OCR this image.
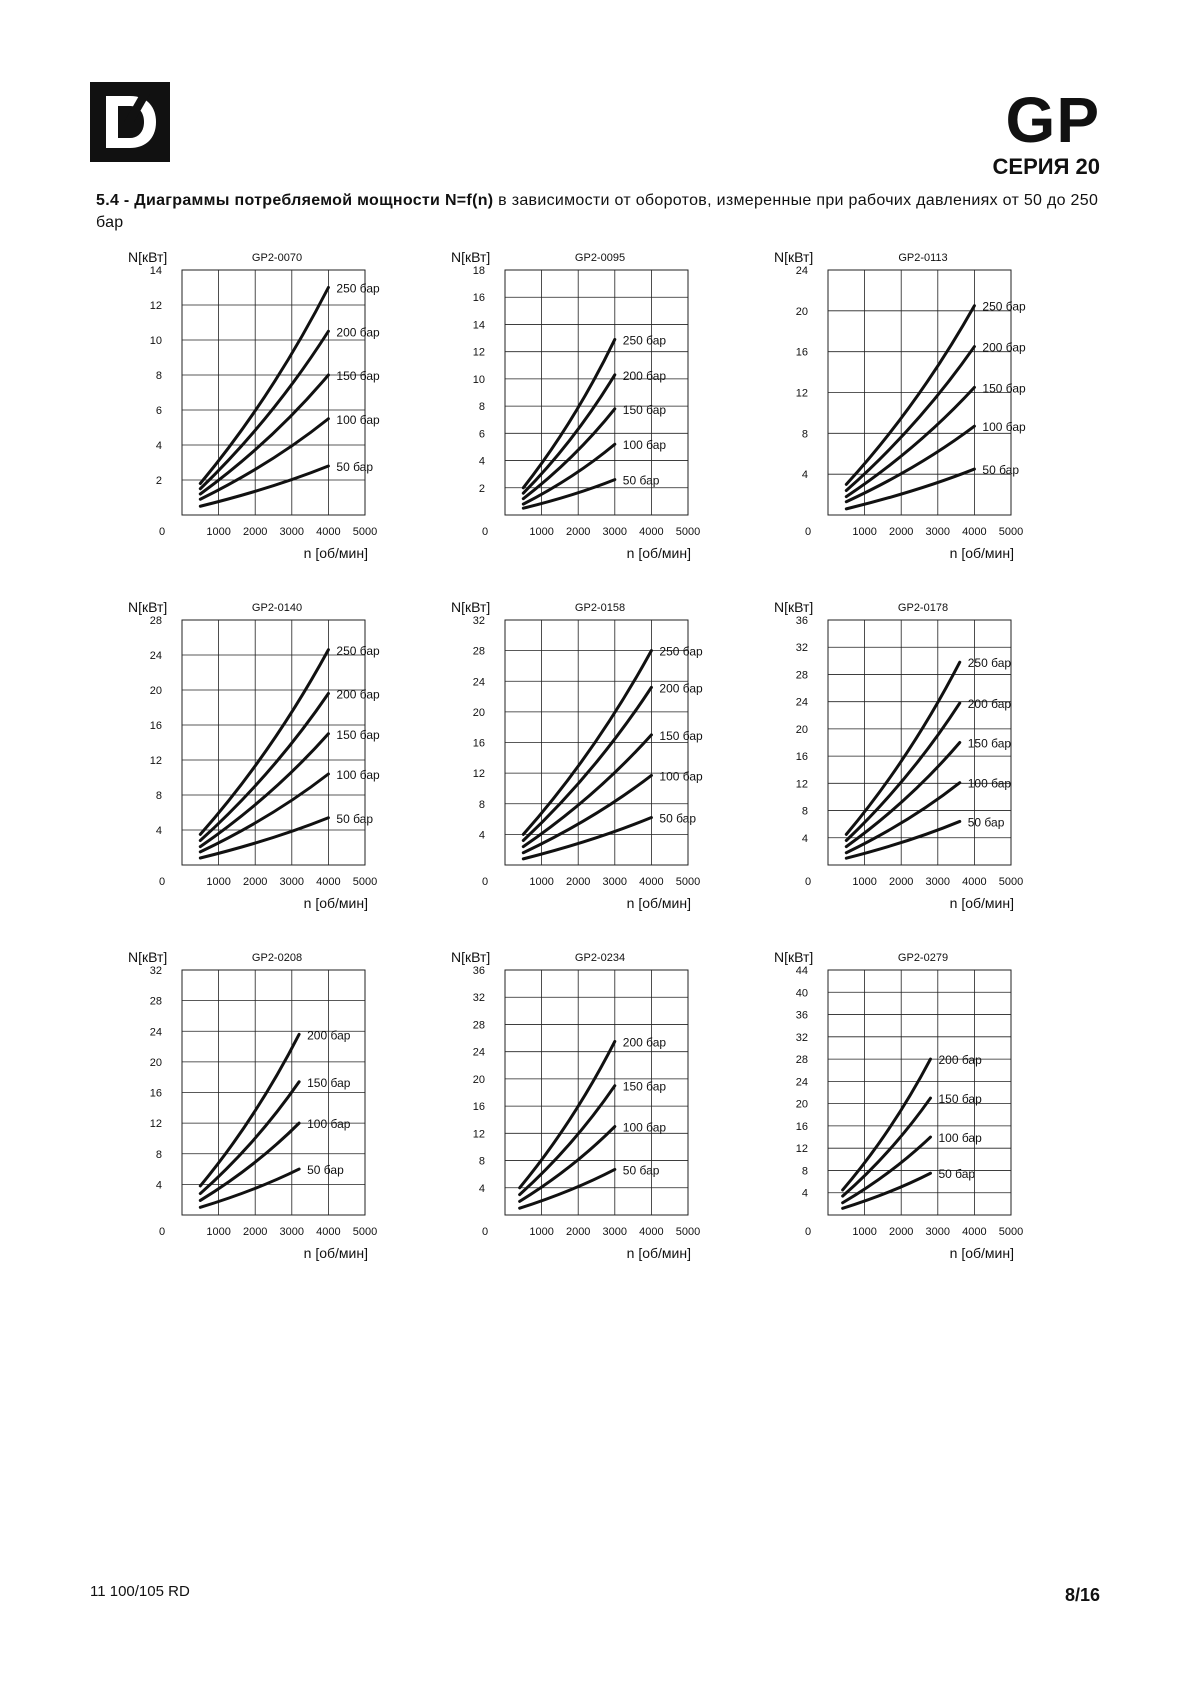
GP
СЕРИЯ 20
5.4 - Диаграммы потребляемой мощности N=f(n) в зависимости от оборотов, измеренные при рабочих давлениях от 50 до 250 бар
2
4
6
8
10
12
14
1000 2000 3000 4000 5000
0
GP2-0070
N[кВт]
n [об/мин]
250 бар
200 бар
150 бар
100 бар
50 бар
2
4
6
8
10
12
14
16
18
1000 2000 3000 4000 5000
0
GP2-0095
N[кВт]
n [об/мин]
250 бар
200 бар
150 бар
100 бар
50 бар	4
8
12
16
20
24
1000 2000 3000 4000 5000
0
GP2-0113
N[кВт]
n [об/мин]
250 бар
200 бар
150 бар
100 бар
50 бар
4
8
12
16
20
24
28
1000 2000 3000 4000 5000
0
GP2-0140
N[кВт]
n [об/мин]
250 бар
200 бар
150 бар
100 бар
50 бар
4
8
12
16
20
24
28
32
1000 2000 3000 4000 5000
0
GP2-0158
N[кВт]
n [об/мин]
250 бар
200 бар
150 бар
100 бар
50 бар
4
8
12
16
20
24
28
32
36
1000 2000 3000 4000 5000
0
GP2-0178
N[кВт]
n [об/мин]
250 бар
200 бар
150 бар
100 бар
50 бар
4
8
12
16
20
24
28
32
1000 2000 3000 4000 5000
0
GP2-0208
N[кВт]
n [об/мин]
200 бар
150 бар
100 бар
50 бар
4
8
12
16
20
24
28
32
36
1000 2000 3000 4000 5000
0
GP2-0234
N[кВт]
n [об/мин]
200 бар
150 бар
100 бар
50 бар
4
8
12
16
20
24
28
32
36
40
44
1000 2000 3000 4000 5000
0
GP2-0279
N[кВт]
n [об/мин]
200 бар
150 бар
100 бар
50 бар
11 100/105 RD	8/16
